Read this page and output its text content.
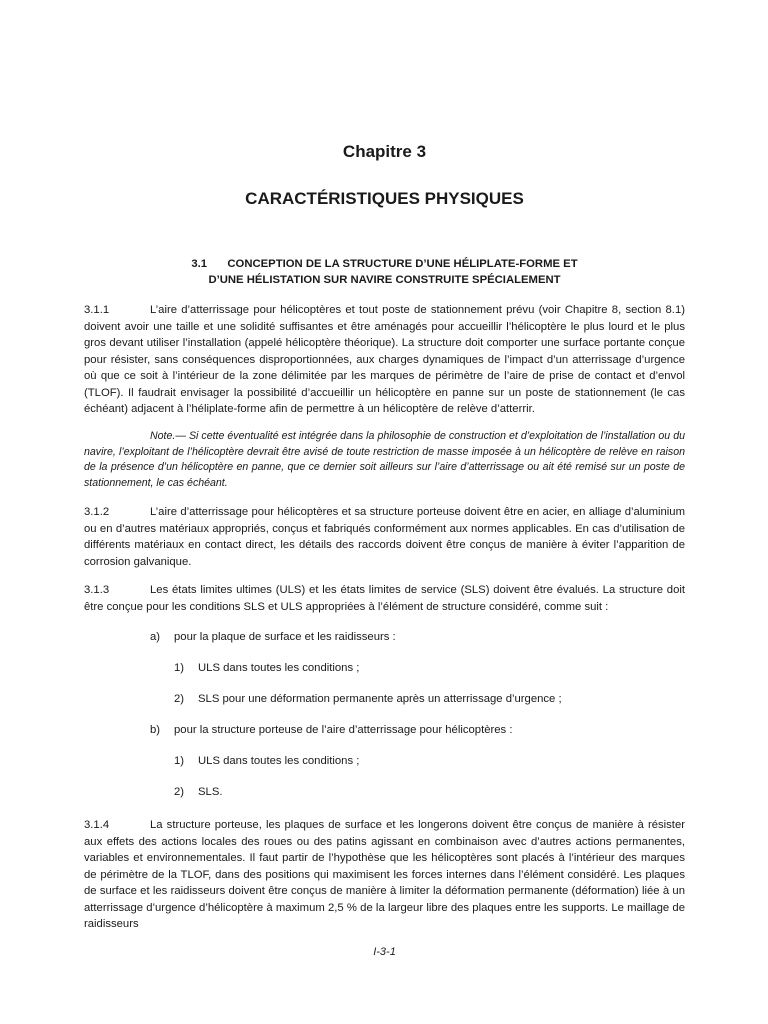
Chapitre 3
CARACTÉRISTIQUES PHYSIQUES
3.1 CONCEPTION DE LA STRUCTURE D’UNE HÉLIPLATE-FORME ET
D’UNE HÉLISTATION SUR NAVIRE CONSTRUITE SPÉCIALEMENT
3.1.1	L’aire d’atterrissage pour hélicoptères et tout poste de stationnement prévu (voir Chapitre 8, section 8.1) doivent avoir une taille et une solidité suffisantes et être aménagés pour accueillir l’hélicoptère le plus lourd et le plus gros devant utiliser l’installation (appelé hélicoptère théorique). La structure doit comporter une surface portante conçue pour résister, sans conséquences disproportionnées, aux charges dynamiques de l’impact d’un atterrissage d’urgence où que ce soit à l’intérieur de la zone délimitée par les marques de périmètre de l’aire de prise de contact et d’envol (TLOF). Il faudrait envisager la possibilité d’accueillir un hélicoptère en panne sur un poste de stationnement (le cas échéant) adjacent à l’héliplate-forme afin de permettre à un hélicoptère de relève d’atterrir.
Note.— Si cette éventualité est intégrée dans la philosophie de construction et d’exploitation de l’installation ou du navire, l’exploitant de l’hélicoptère devrait être avisé de toute restriction de masse imposée à un hélicoptère de relève en raison de la présence d’un hélicoptère en panne, que ce dernier soit ailleurs sur l’aire d’atterrissage ou ait été remisé sur un poste de stationnement, le cas échéant.
3.1.2	L’aire d’atterrissage pour hélicoptères et sa structure porteuse doivent être en acier, en alliage d’aluminium ou en d’autres matériaux appropriés, conçus et fabriqués conformément aux normes applicables. En cas d’utilisation de différents matériaux en contact direct, les détails des raccords doivent être conçus de manière à éviter l’apparition de corrosion galvanique.
3.1.3	Les états limites ultimes (ULS) et les états limites de service (SLS) doivent être évalués. La structure doit être conçue pour les conditions SLS et ULS appropriées à l’élément de structure considéré, comme suit :
a) pour la plaque de surface et les raidisseurs :
1) ULS dans toutes les conditions ;
2) SLS pour une déformation permanente après un atterrissage d’urgence ;
b) pour la structure porteuse de l’aire d’atterrissage pour hélicoptères :
1) ULS dans toutes les conditions ;
2) SLS.
3.1.4	La structure porteuse, les plaques de surface et les longerons doivent être conçus de manière à résister aux effets des actions locales des roues ou des patins agissant en combinaison avec d’autres actions permanentes, variables et environnementales. Il faut partir de l’hypothèse que les hélicoptères sont placés à l’intérieur des marques de périmètre de la TLOF, dans des positions qui maximisent les forces internes dans l’élément considéré. Les plaques de surface et les raidisseurs doivent être conçus de manière à limiter la déformation permanente (déformation) liée à un atterrissage d’urgence d’hélicoptère à maximum 2,5 % de la largeur libre des plaques entre les supports. Le maillage de raidisseurs
I-3-1
